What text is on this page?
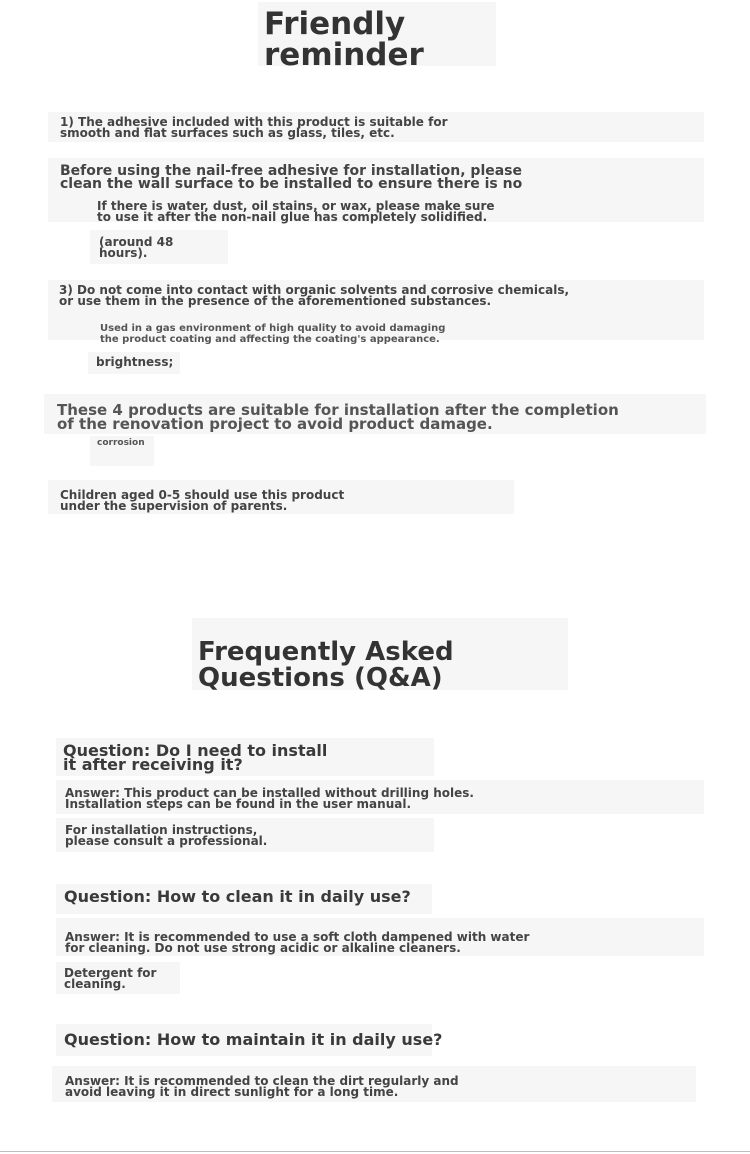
Friendly
reminder
1) The adhesive included with this product is suitable for
smooth and flat surfaces such as glass, tiles, etc.
Before using the nail-free adhesive for installation, please
clean the wall surface to be installed to ensure there is no
If there is water, dust, oil stains, or wax, please make sure
to use it after the non-nail glue has completely solidified.
(around 48
hours).
3) Do not come into contact with organic solvents and corrosive chemicals,
or use them in the presence of the aforementioned substances.
Used in a gas environment of high quality to avoid damaging
the product coating and affecting the coating's appearance.
brightness;
These 4 products are suitable for installation after the completion
of the renovation project to avoid product damage.
corrosion
Children aged 0-5 should use this product
under the supervision of parents.
Frequently Asked
Questions (Q&A)
Question: Do I need to install
it after receiving it?
Answer: This product can be installed without drilling holes.
Installation steps can be found in the user manual.
For installation instructions,
please consult a professional.
Question: How to clean it in daily use?
Answer: It is recommended to use a soft cloth dampened with water
for cleaning. Do not use strong acidic or alkaline cleaners.
Detergent for
cleaning.
Question: How to maintain it in daily use?
Answer: It is recommended to clean the dirt regularly and
avoid leaving it in direct sunlight for a long time.
